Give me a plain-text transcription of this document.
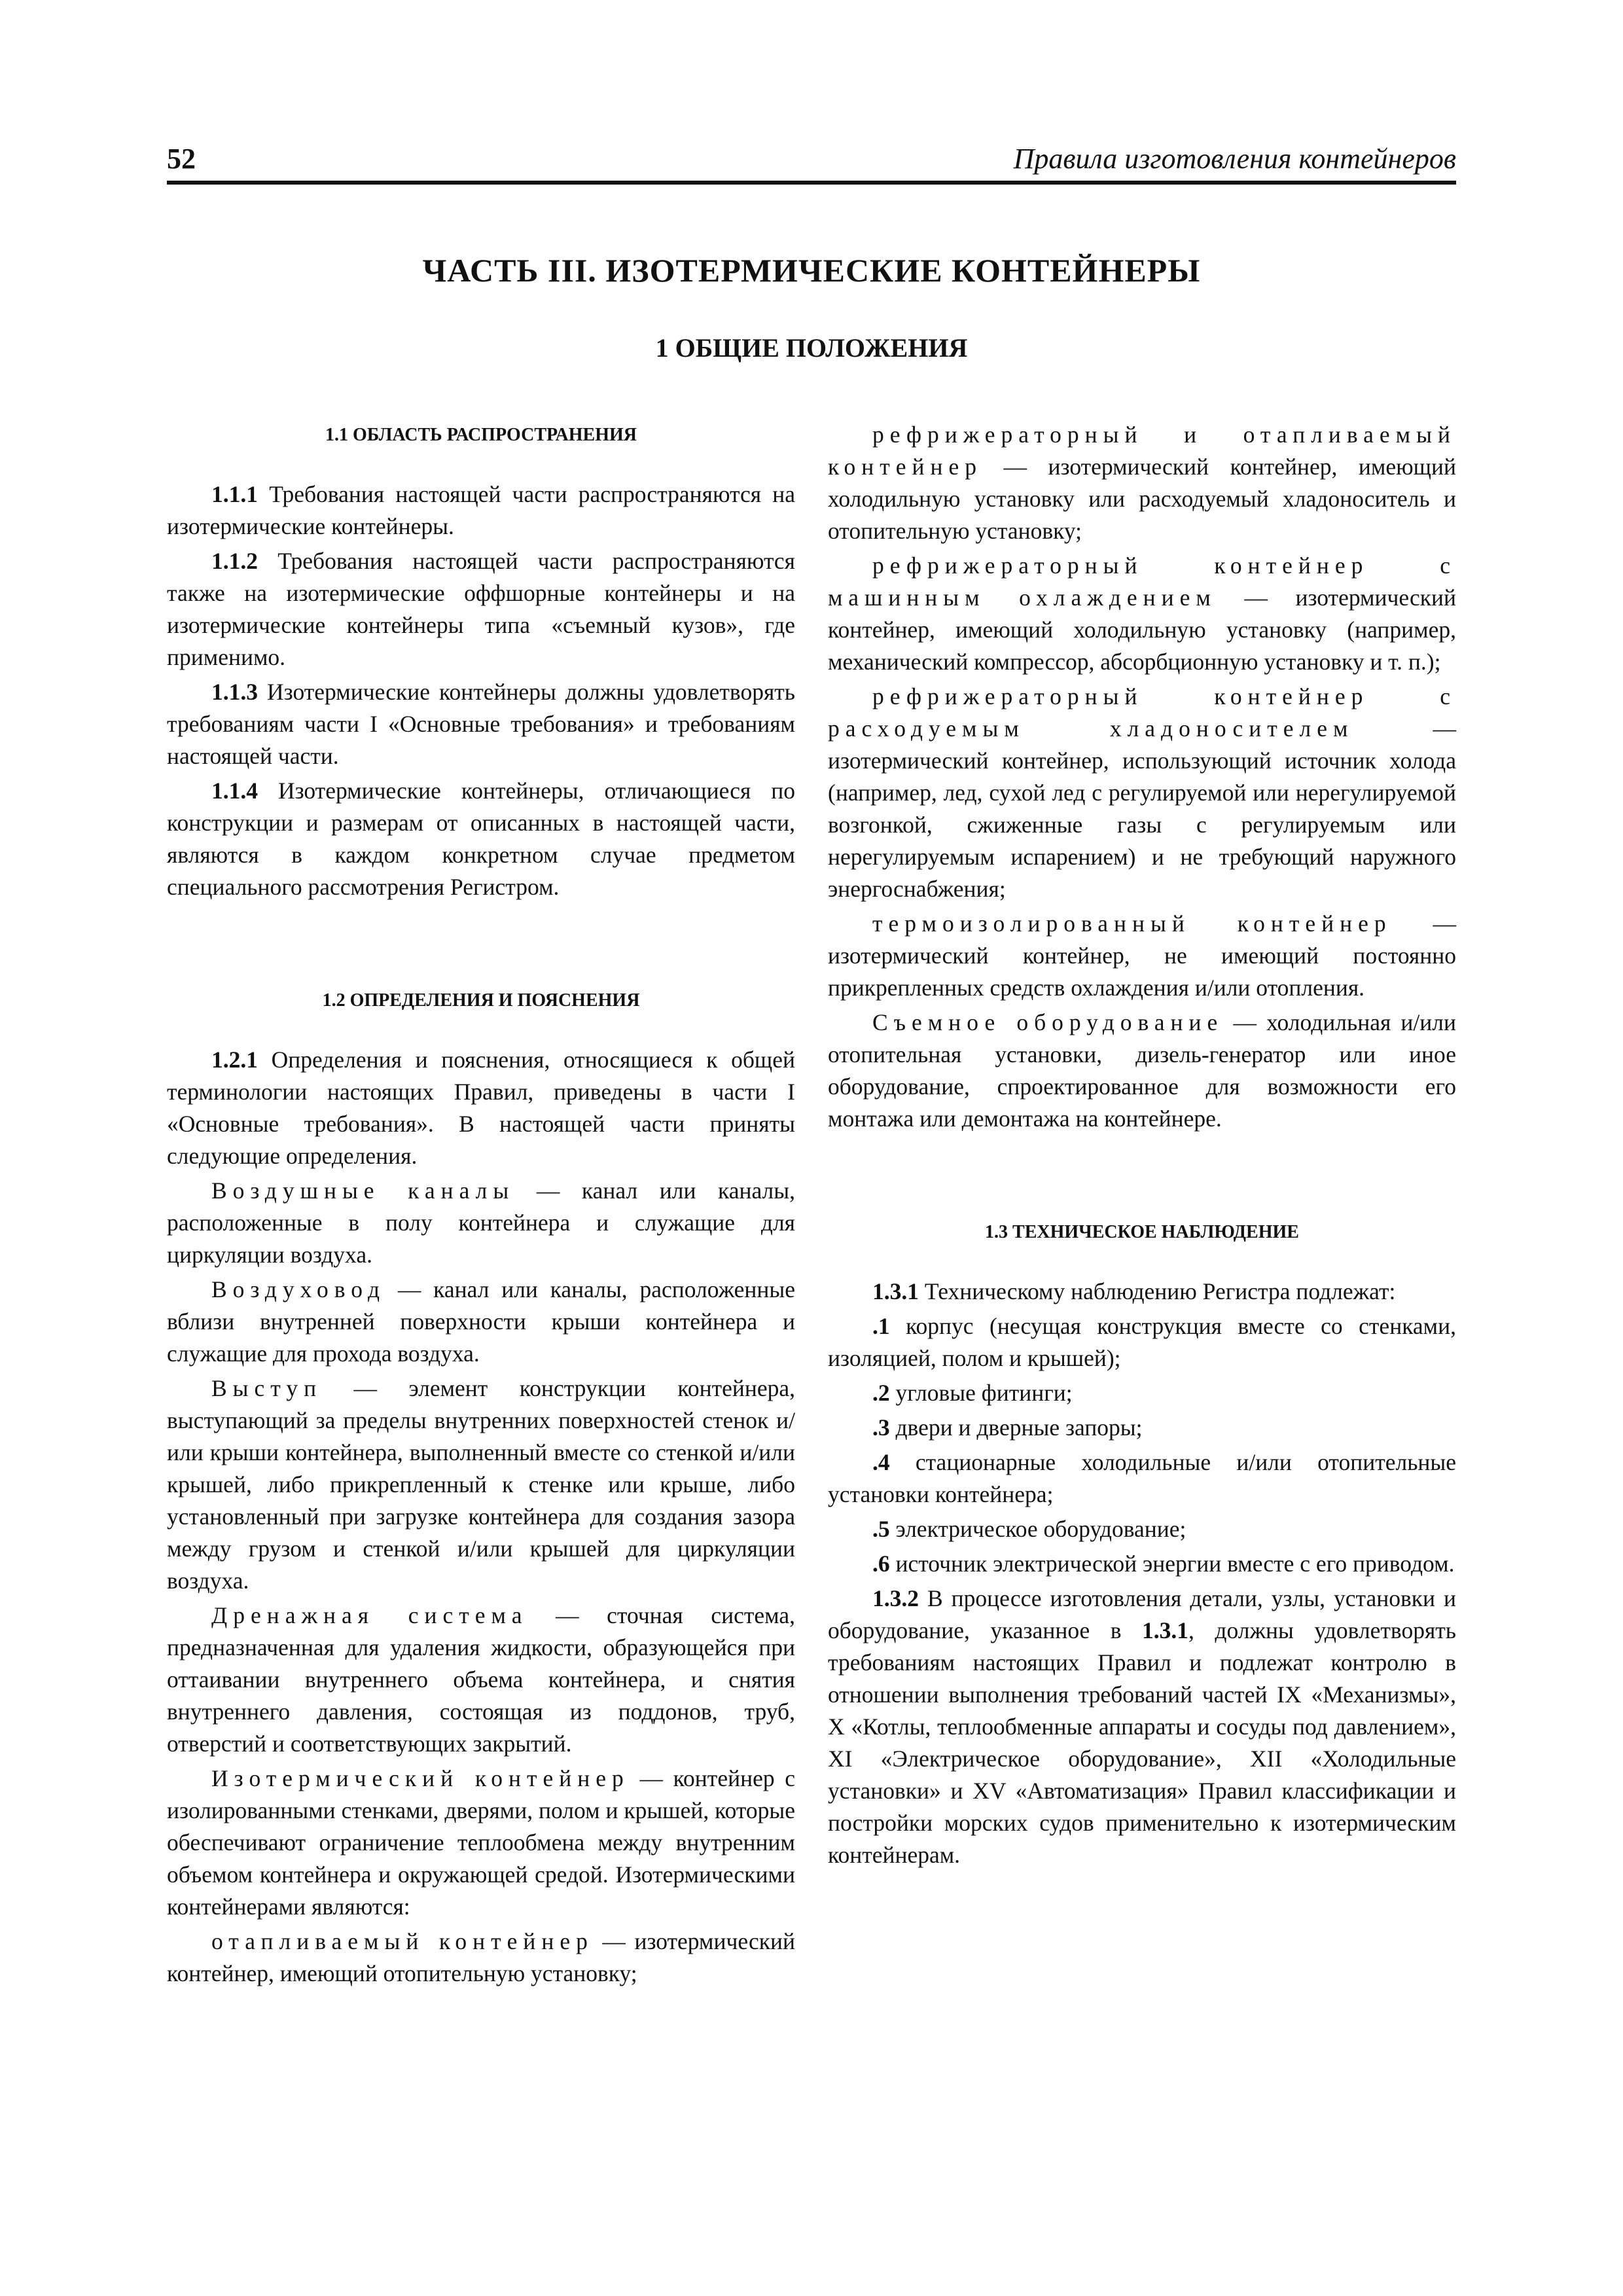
52	Правила изготовления контейнеров
ЧАСТЬ III. ИЗОТЕРМИЧЕСКИЕ КОНТЕЙНЕРЫ
1 ОБЩИЕ ПОЛОЖЕНИЯ

1.1 ОБЛАСТЬ РАСПРОСТРАНЕНИЯ

1.1.1 Требования настоящей части распространяются на изотермические контейнеры.

1.1.2 Требования настоящей части распространяются также на изотермические оффшорные контейнеры и на изотермические контейнеры типа «съемный кузов», где применимо.

1.1.3 Изотермические контейнеры должны удовлетворять требованиям части I «Основные требования» и требованиям настоящей части.

1.1.4 Изотермические контейнеры, отличающиеся по конструкции и размерам от описанных в настоящей части, являются в каждом конкретном случае предметом специального рассмотрения Регистром.

1.2 ОПРЕДЕЛЕНИЯ И ПОЯСНЕНИЯ

1.2.1 Определения и пояснения, относящиеся к общей терминологии настоящих Правил, приведены в части I «Основные требования». В настоящей части приняты следующие определения.

Воздушные каналы — канал или каналы, расположенные в полу контейнера и служащие для циркуляции воздуха.

Воздуховод — канал или каналы, расположенные вблизи внутренней поверхности крыши контейнера и служащие для прохода воздуха.

Выступ — элемент конструкции контейнера, выступающий за пределы внутренних поверхностей стенок и/или крыши контейнера, выполненный вместе со стенкой и/или крышей, либо прикрепленный к стенке или крыше, либо установленный при загрузке контейнера для создания зазора между грузом и стенкой и/или крышей для циркуляции воздуха.

Дренажная система — сточная система, предназначенная для удаления жидкости, образующейся при оттаивании внутреннего объема контейнера, и снятия внутреннего давления, состоящая из поддонов, труб, отверстий и соответствующих закрытий.

Изотермический контейнер — контейнер с изолированными стенками, дверями, полом и крышей, которые обеспечивают ограничение теплообмена между внутренним объемом контейнера и окружающей средой. Изотермическими контейнерами являются:

отапливаемый контейнер — изотермический контейнер, имеющий отопительную установку;

рефрижераторный и отапливаемый контейнер — изотермический контейнер, имеющий холодильную установку или расходуемый хладоноситель и отопительную установку;

рефрижераторный контейнер с машинным охлаждением — изотермический контейнер, имеющий холодильную установку (например, механический компрессор, абсорбционную установку и т. п.);

рефрижераторный контейнер с расходуемым хладоносителем — изотермический контейнер, использующий источник холода (например, лед, сухой лед с регулируемой или нерегулируемой возгонкой, сжиженные газы с регулируемым или нерегулируемым испарением) и не требующий наружного энергоснабжения;

термоизолированный контейнер — изотермический контейнер, не имеющий постоянно прикрепленных средств охлаждения и/или отопления.

Съемное оборудование — холодильная и/или отопительная установки, дизель-генератор или иное оборудование, спроектированное для возможности его монтажа или демонтажа на контейнере.

1.3 ТЕХНИЧЕСКОЕ НАБЛЮДЕНИЕ

1.3.1 Техническому наблюдению Регистра подлежат:

.1 корпус (несущая конструкция вместе со стенками, изоляцией, полом и крышей);

.2 угловые фитинги;

.3 двери и дверные запоры;

.4 стационарные холодильные и/или отопительные установки контейнера;

.5 электрическое оборудование;

.6 источник электрической энергии вместе с его приводом.

1.3.2 В процессе изготовления детали, узлы, установки и оборудование, указанное в 1.3.1, должны удовлетворять требованиям настоящих Правил и подлежат контролю в отношении выполнения требований частей IX «Механизмы», X «Котлы, теплообменные аппараты и сосуды под давлением», XI «Электрическое оборудование», XII «Холодильные установки» и XV «Автоматизация» Правил классификации и постройки морских судов применительно к изотермическим контейнерам.
